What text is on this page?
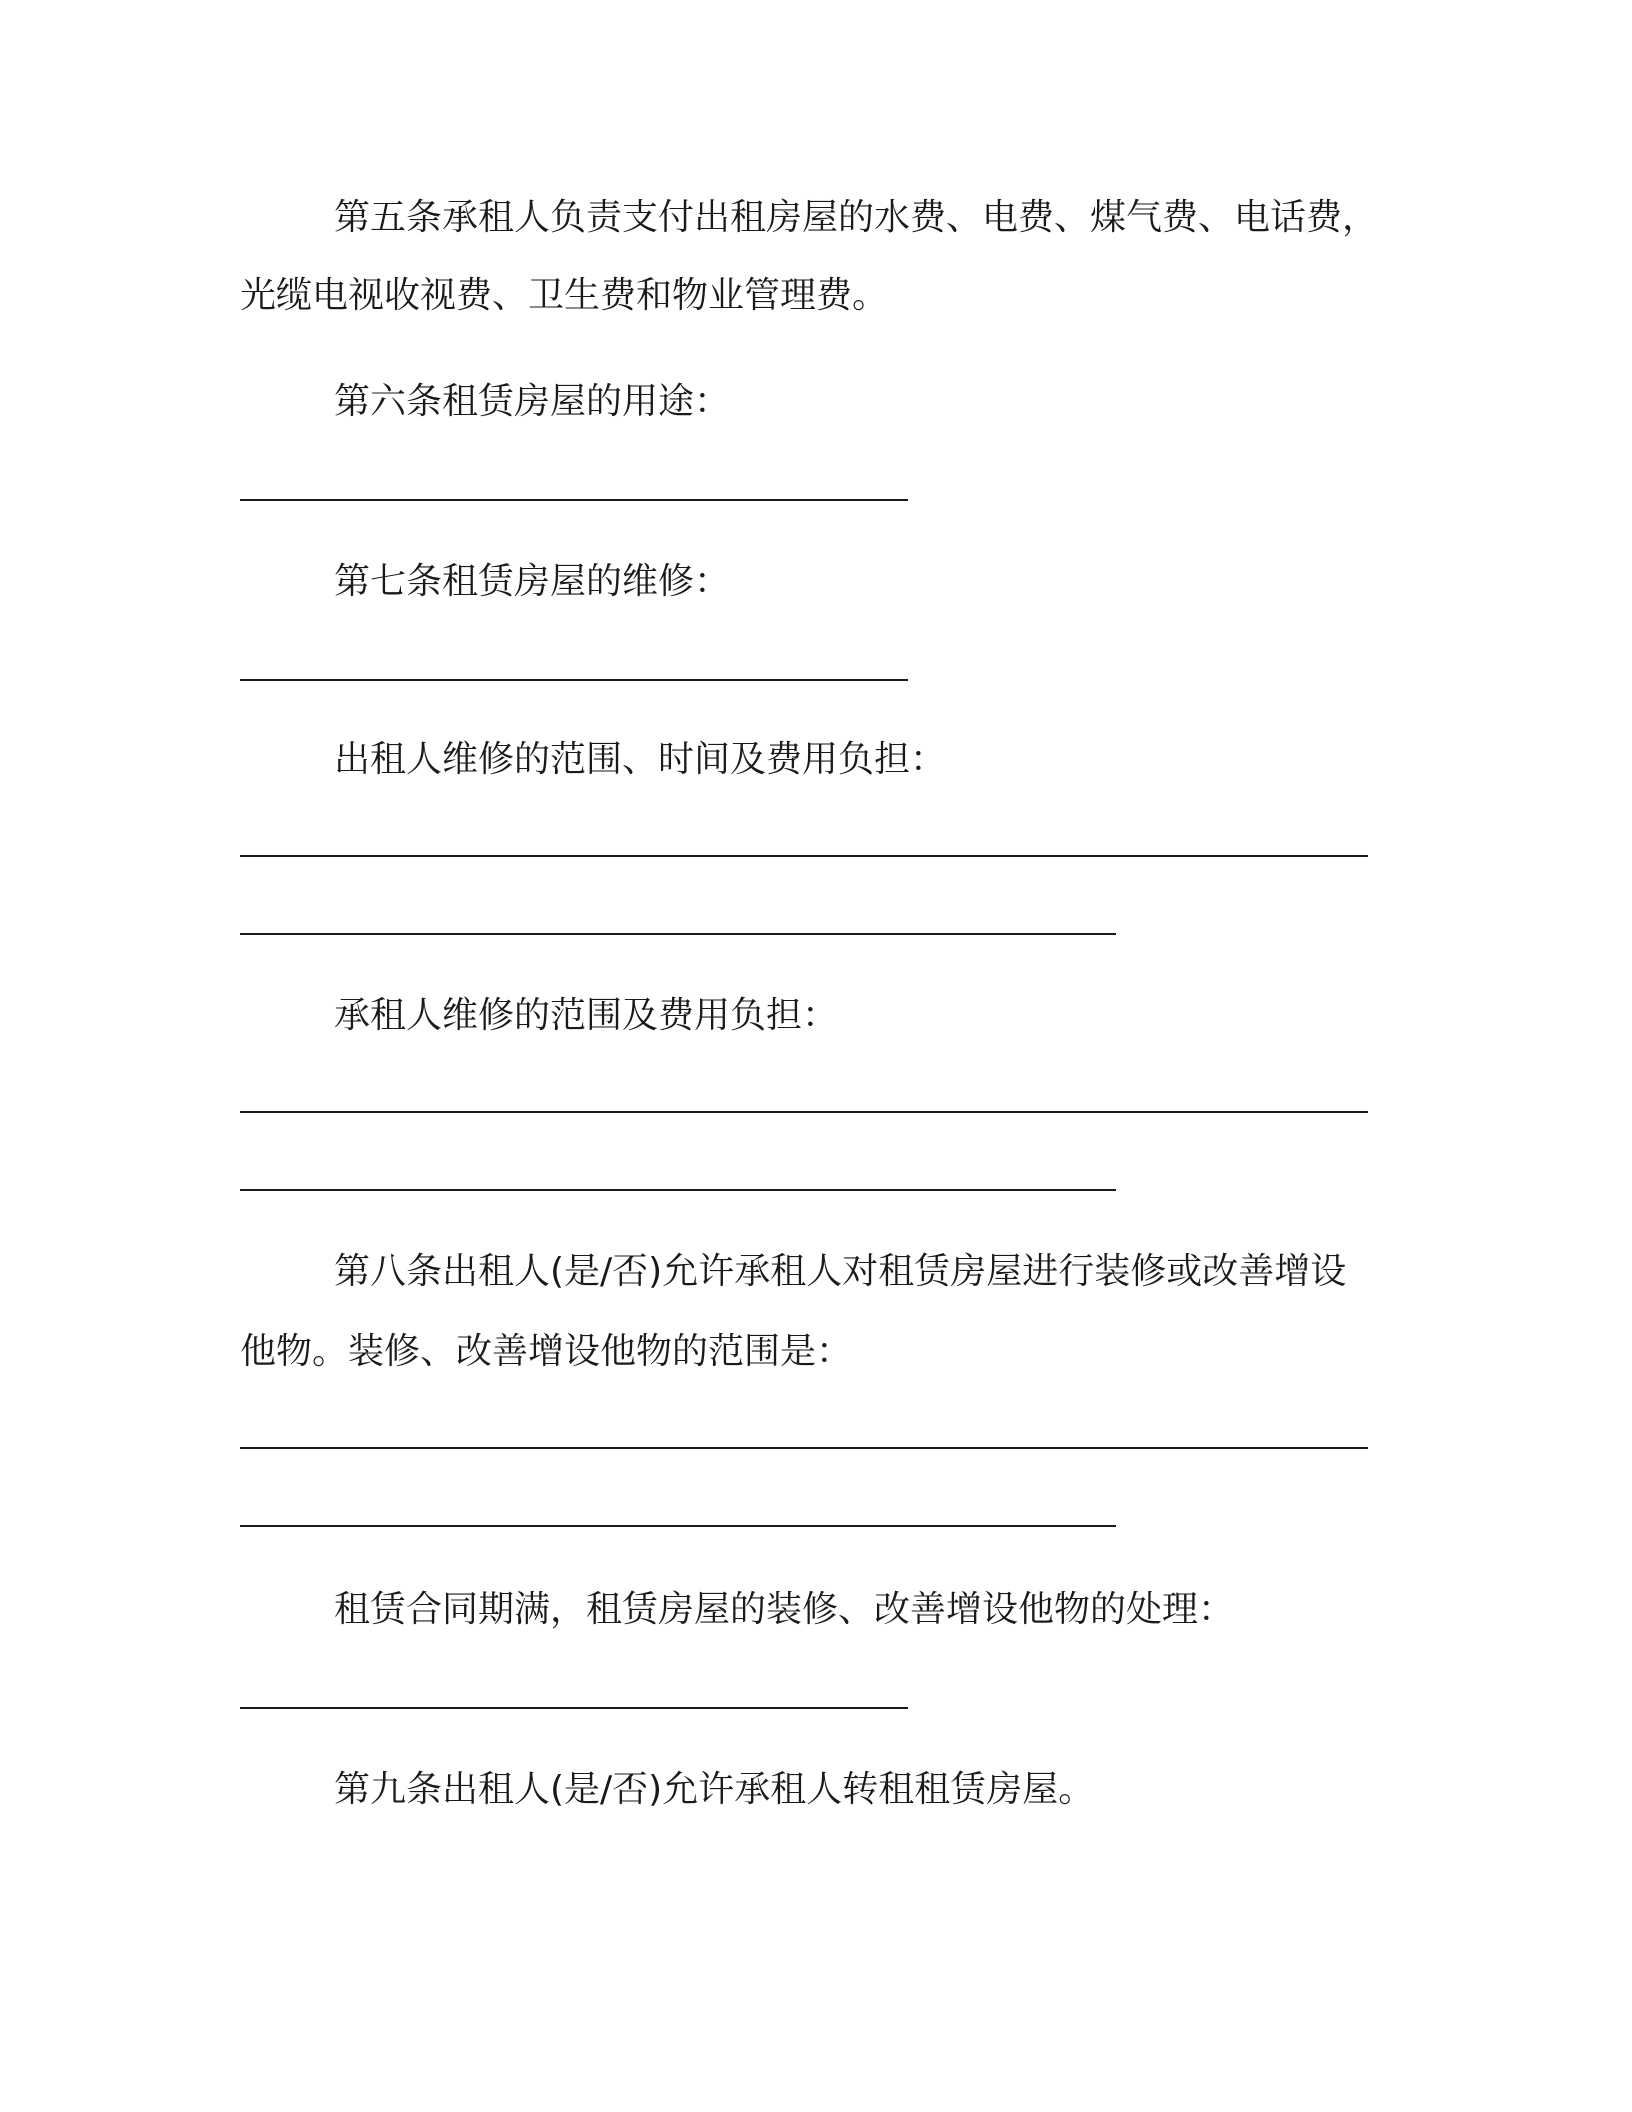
第五条承租人负责支付出租房屋的水费、电费、煤气费、电话费，
光缆电视收视费、卫生费和物业管理费。
第六条租赁房屋的用途：
第七条租赁房屋的维修：
出租人维修的范围、时间及费用负担：
承租人维修的范围及费用负担：
第八条出租人(是/否)允许承租人对租赁房屋进行装修或改善增设
他物。装修、改善增设他物的范围是：
租赁合同期满，租赁房屋的装修、改善增设他物的处理：
第九条出租人(是/否)允许承租人转租租赁房屋。
